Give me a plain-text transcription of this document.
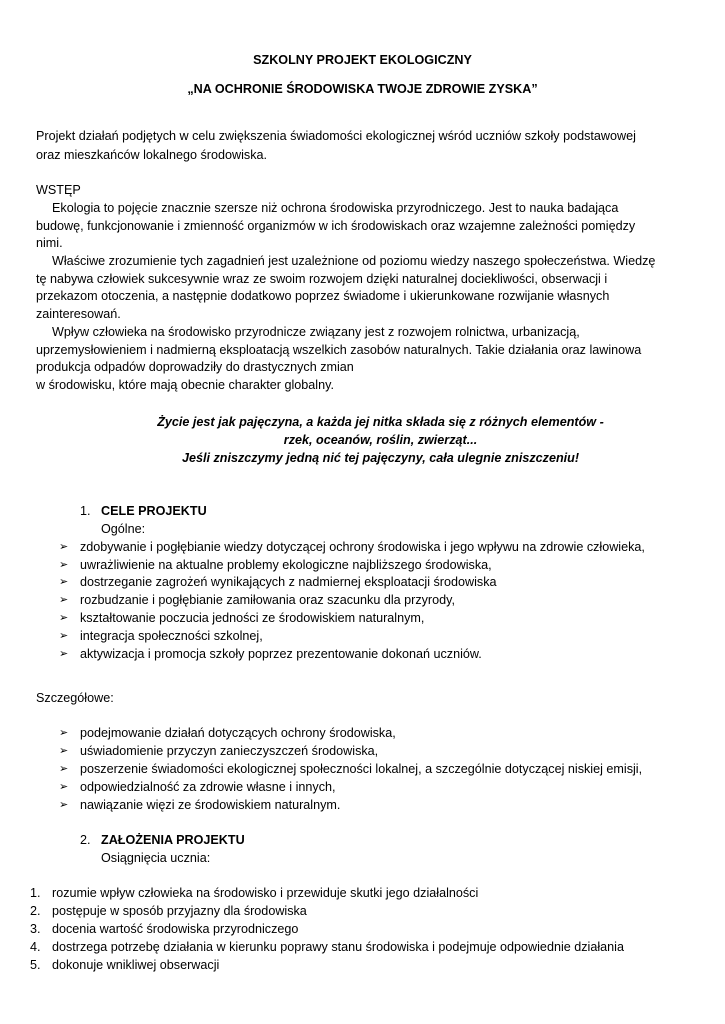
SZKOLNY PROJEKT EKOLOGICZNY
„NA OCHRONIE ŚRODOWISKA TWOJE ZDROWIE ZYSKA”
Projekt działań podjętych w celu zwiększenia świadomości ekologicznej wśród uczniów szkoły podstawowej
oraz mieszkańców lokalnego środowiska.
WSTĘP
Ekologia to pojęcie znacznie szersze niż ochrona środowiska przyrodniczego. Jest to nauka badająca
budowę, funkcjonowanie i zmienność organizmów w ich środowiskach oraz wzajemne zależności pomiędzy
nimi.
Właściwe zrozumienie tych zagadnień jest uzależnione od poziomu wiedzy naszego społeczeństwa. Wiedzę
tę nabywa człowiek sukcesywnie wraz ze swoim rozwojem dzięki naturalnej dociekliwości, obserwacji i
przekazom otoczenia, a następnie dodatkowo poprzez świadome i ukierunkowane rozwijanie własnych
zainteresowań.
Wpływ człowieka na środowisko przyrodnicze związany jest z rozwojem rolnictwa, urbanizacją,
uprzemysłowieniem i nadmierną eksploatacją wszelkich zasobów naturalnych. Takie działania oraz lawinowa
produkcja odpadów doprowadziły do drastycznych zmian
w środowisku, które mają obecnie charakter globalny.
Życie jest jak pajęczyna, a każda jej nitka składa się z różnych elementów -
rzek, oceanów, roślin, zwierząt...
Jeśli zniszczymy jedną nić tej pajęczyny, cała ulegnie zniszczeniu!
1. CELE PROJEKTU
Ogólne:
➢ zdobywanie i pogłębianie wiedzy dotyczącej ochrony środowiska i jego wpływu na zdrowie człowieka,
➢ uwrażliwienie na aktualne problemy ekologiczne najbliższego środowiska,
➢ dostrzeganie zagrożeń wynikających z nadmiernej eksploatacji środowiska
➢ rozbudzanie i pogłębianie zamiłowania oraz szacunku dla przyrody,
➢ kształtowanie poczucia jedności ze środowiskiem naturalnym,
➢ integracja społeczności szkolnej,
➢ aktywizacja i promocja szkoły poprzez prezentowanie dokonań uczniów.
Szczegółowe:
➢ podejmowanie działań dotyczących ochrony środowiska,
➢ uświadomienie przyczyn zanieczyszczeń środowiska,
➢ poszerzenie świadomości ekologicznej społeczności lokalnej, a szczególnie dotyczącej niskiej emisji,
➢ odpowiedzialność za zdrowie własne i innych,
➢ nawiązanie więzi ze środowiskiem naturalnym.
2. ZAŁOŻENIA PROJEKTU
Osiągnięcia ucznia:
1. rozumie wpływ człowieka na środowisko i przewiduje skutki jego działalności
2. postępuje w sposób przyjazny dla środowiska
3. docenia wartość środowiska przyrodniczego
4. dostrzega potrzebę działania w kierunku poprawy stanu środowiska i podejmuje odpowiednie działania
5. dokonuje wnikliwej obserwacji
